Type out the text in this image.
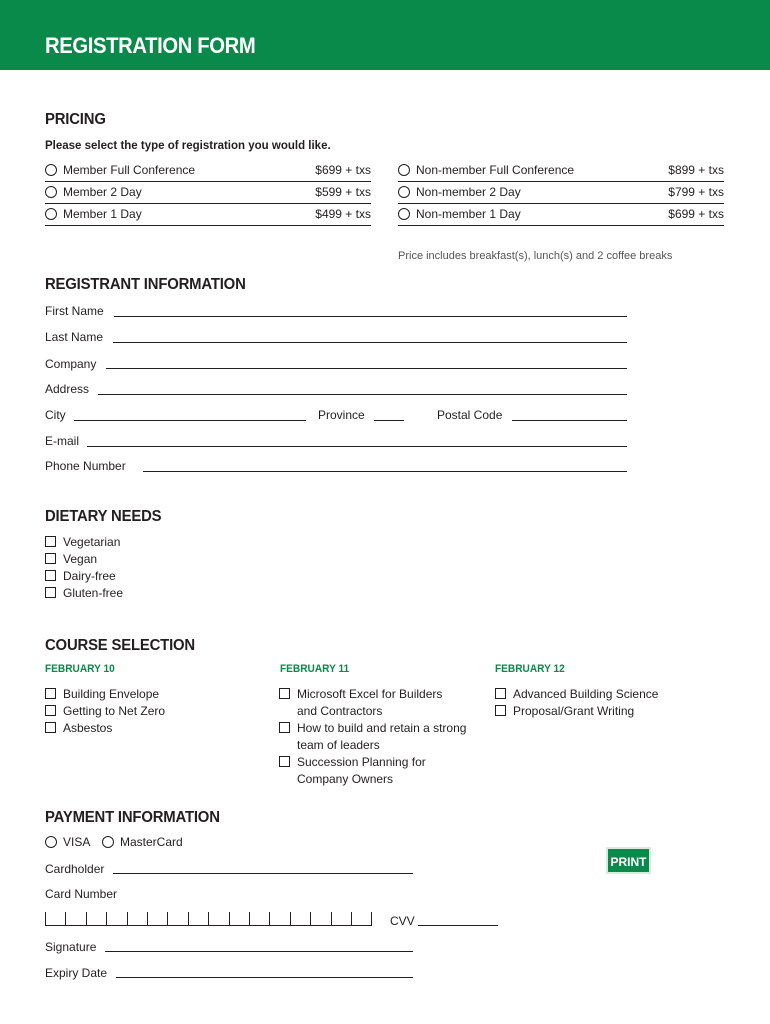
REGISTRATION FORM
PRICING
Please select the type of registration you would like.
Member Full Conference	$699 + txs
Member 2 Day	$599 + txs
Member 1 Day	$499 + txs
Non-member Full Conference	$899 + txs
Non-member 2 Day	$799 + txs
Non-member 1 Day	$699 + txs
Price includes breakfast(s), lunch(s) and 2 coffee breaks
REGISTRANT INFORMATION
First Name
Last Name
Company
Address
City	Province	Postal Code
E-mail
Phone Number
DIETARY NEEDS
Vegetarian
Vegan
Dairy-free
Gluten-free
COURSE SELECTION
FEBRUARY 10
Building Envelope
Getting to Net Zero
Asbestos
FEBRUARY 11
Microsoft Excel for Builders
and Contractors
How to build and retain a strong
team of leaders
Succession Planning for
Company Owners
FEBRUARY 12
Advanced Building Science
Proposal/Grant Writing
PAYMENT INFORMATION
VISA	MasterCard
PRINT
Cardholder
Card Number
CVV
Signature
Expiry Date
